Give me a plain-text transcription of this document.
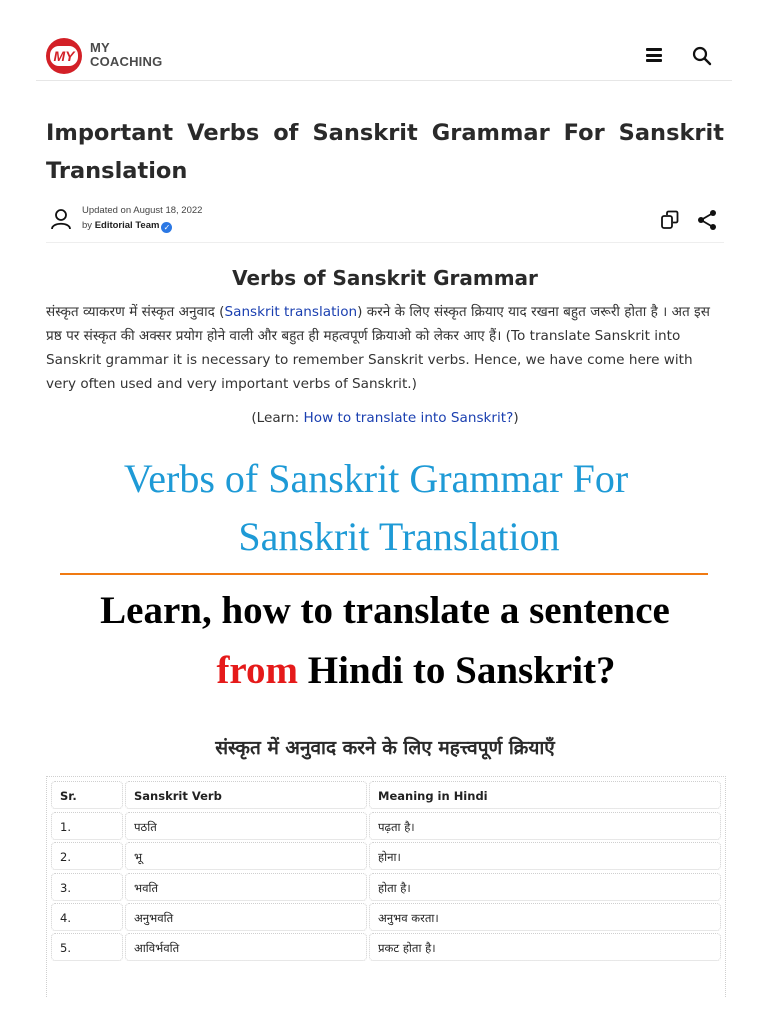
MY
MY
COACHING
Important Verbs of Sanskrit Grammar For Sanskrit Translation
Updated on August 18, 2022
by Editorial Team ✓
Verbs of Sanskrit Grammar

संस्कृत व्याकरण में संस्कृत अनुवाद (Sanskrit translation) करने के लिए संस्कृत क्रियाए याद रखना बहुत जरूरी होता है । अत इस प्रष्ठ पर संस्कृत की अक्सर प्रयोग होने वाली और बहुत ही महत्वपूर्ण क्रियाओ को लेकर आए हैं। (To translate Sanskrit into Sanskrit grammar it is necessary to remember Sanskrit verbs. Hence, we have come here with very often used and very important verbs of Sanskrit.)

(Learn: How to translate into Sanskrit?)

Verbs of Sanskrit Grammar For
Sanskrit Translation
Learn, how to translate a sentence
from Hindi to Sanskrit?
संस्कृत में अनुवाद करने के लिए महत्त्वपूर्ण क्रियाएँ
Sr.	Sanskrit Verb	Meaning in Hindi
1.	पठति	पढ़ता है।
2.	भू	होना।
3.	भवति	होता है।
4.	अनुभवति	अनुभव करता।
5.	आविर्भवति	प्रकट होता है।
